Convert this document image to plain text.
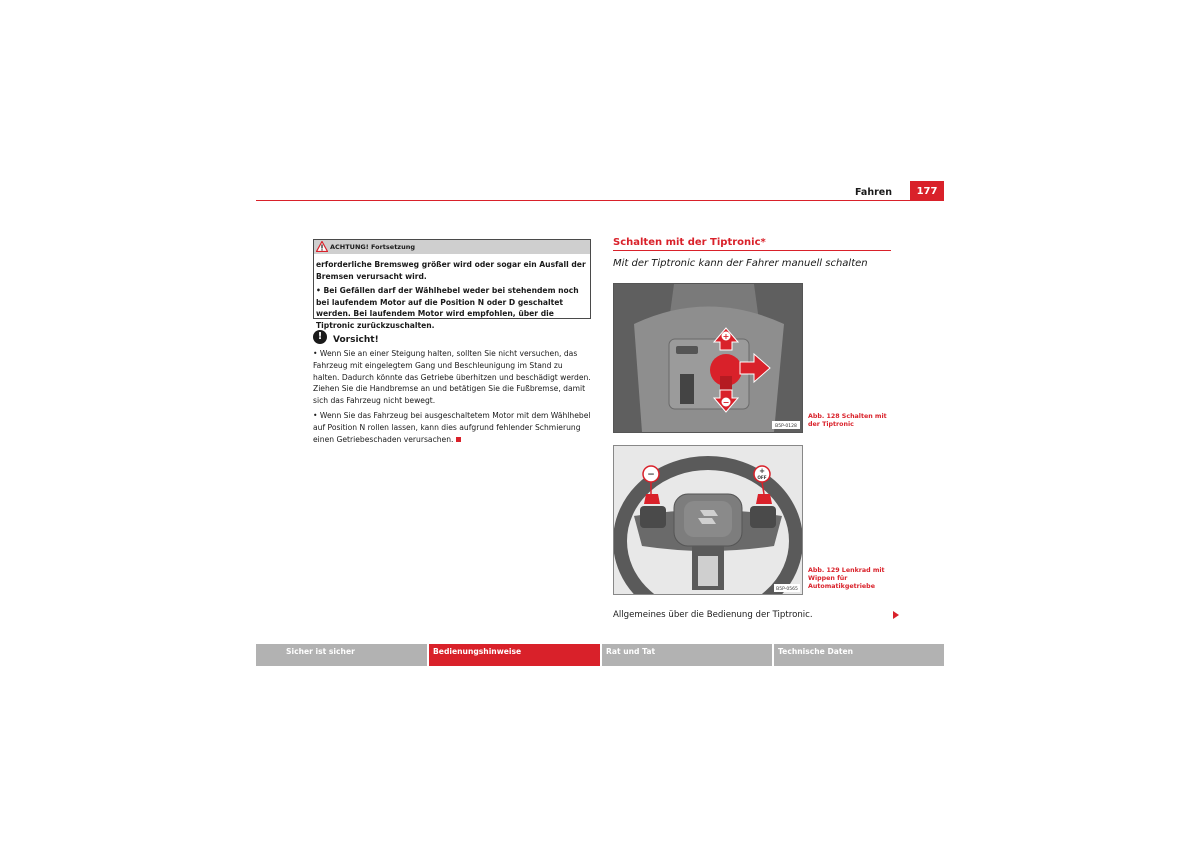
Fahren	177
ACHTUNG! Fortsetzung

erforderliche Bremsweg größer wird oder sogar ein Ausfall der Bremsen verursacht wird.

• Bei Gefällen darf der Wählhebel weder bei stehendem noch bei laufendem Motor auf die Position N oder D geschaltet werden. Bei laufendem Motor wird empfohlen, über die Tiptronic zurückzuschalten.

!	Vorsicht!

• Wenn Sie an einer Steigung halten, sollten Sie nicht versuchen, das Fahrzeug mit eingelegtem Gang und Beschleunigung im Stand zu halten. Dadurch könnte das Getriebe überhitzen und beschädigt werden. Ziehen Sie die Handbremse an und betätigen Sie die Fußbremse, damit sich das Fahrzeug nicht bewegt.

• Wenn Sie das Fahrzeug bei ausgeschaltetem Motor mit dem Wählhebel auf Position N rollen lassen, kann dies aufgrund fehlender Schmierung einen Getriebeschaden verursachen.

Schalten mit der Tiptronic*
Mit der Tiptronic kann der Fahrer manuell schalten
+
−
B5P-0128
Abb. 128 Schalten mit der Tiptronic
−	+
OFF
B5P-0565
Abb. 129 Lenkrad mit Wippen für Automatikgetriebe
Allgemeines über die Bedienung der Tiptronic.
Sicher ist sicher	Bedienungshinweise	Rat und Tat	Technische Daten
